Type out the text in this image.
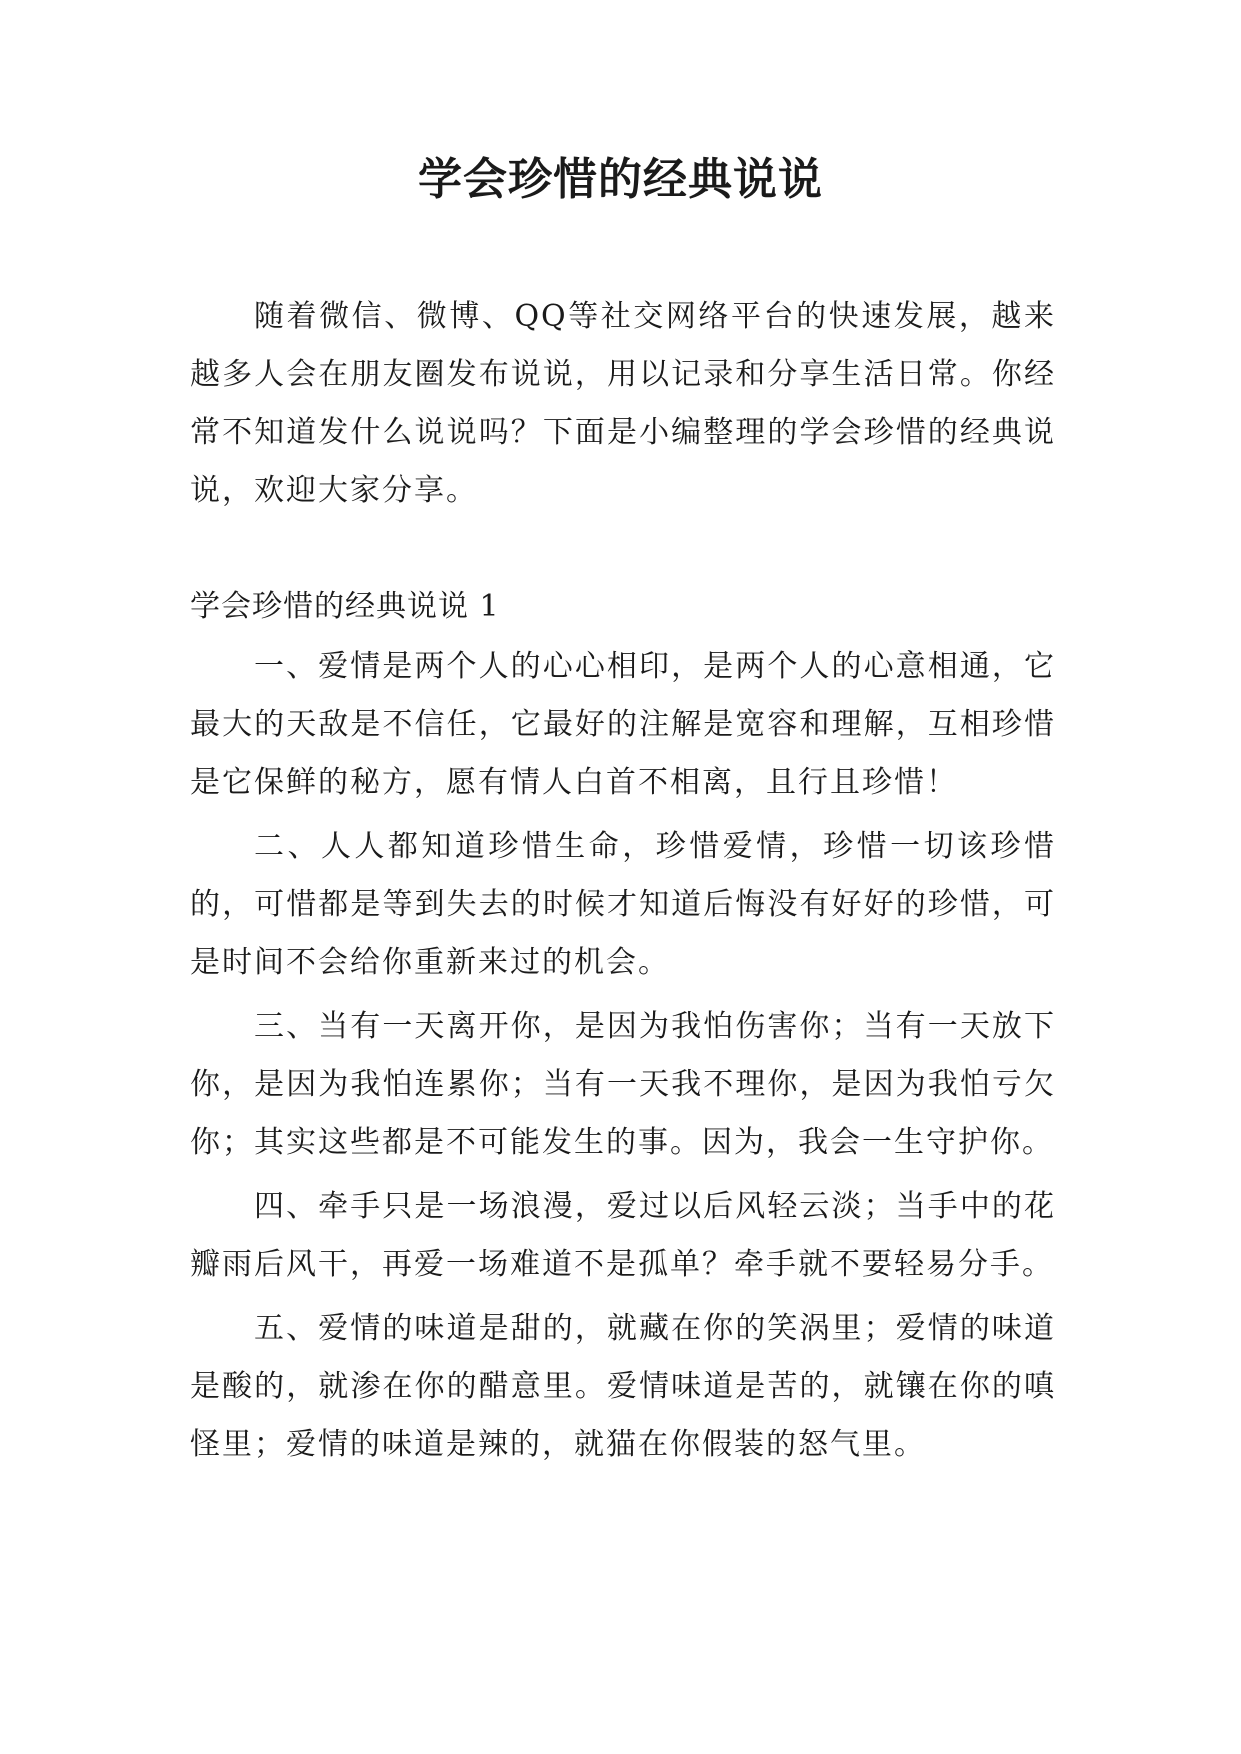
学会珍惜的经典说说

随着微信、微博、QQ等社交网络平台的快速发展，越来越多人会在朋友圈发布说说，用以记录和分享生活日常。你经常不知道发什么说说吗？下面是小编整理的学会珍惜的经典说说，欢迎大家分享。

学会珍惜的经典说说 1

一、爱情是两个人的心心相印，是两个人的心意相通，它最大的天敌是不信任，它最好的注解是宽容和理解，互相珍惜是它保鲜的秘方，愿有情人白首不相离，且行且珍惜！

二、人人都知道珍惜生命，珍惜爱情，珍惜一切该珍惜的，可惜都是等到失去的时候才知道后悔没有好好的珍惜，可是时间不会给你重新来过的机会。

三、当有一天离开你，是因为我怕伤害你；当有一天放下你，是因为我怕连累你；当有一天我不理你，是因为我怕亏欠你；其实这些都是不可能发生的事。因为，我会一生守护你。

四、牵手只是一场浪漫，爱过以后风轻云淡；当手中的花瓣雨后风干，再爱一场难道不是孤单？牵手就不要轻易分手。

五、爱情的味道是甜的，就藏在你的笑涡里；爱情的味道是酸的，就渗在你的醋意里。爱情味道是苦的，就镶在你的嗔怪里；爱情的味道是辣的，就猫在你假装的怒气里。
